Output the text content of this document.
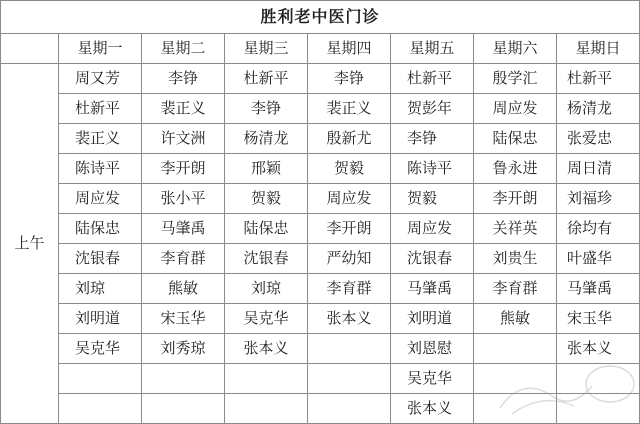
胜利老中医门诊							
	星期一	星期二	星期三	星期四	星期五	星期六	星期日
上午	周又芳	李铮	杜新平	李铮	杜新平	殷学汇	杜新平

	杜新平	裴正义	李铮	裴正义	贺彭年	周应发	杨清龙

	裴正义	许文洲	杨清龙	殷新尤	李铮	陆保忠	张爱忠

	陈诗平	李开朗	邢颖	贺毅	陈诗平	鲁永进	周日清

	周应发	张小平	贺毅	周应发	贺毅	李开朗	刘福珍

	陆保忠	马肇禹	陆保忠	李开朗	周应发	关祥英	徐均有

	沈银春	李育群	沈银春	严幼知	沈银春	刘贵生	叶盛华

	刘琼	熊敏	刘琼	李育群	马肇禹	李育群	马肇禹

	刘明道	宋玉华	吴克华	张本义	刘明道	熊敏	宋玉华

	吴克华	刘秀琼	张本义		刘恩慰		张本义

					吴克华		

					张本义		
